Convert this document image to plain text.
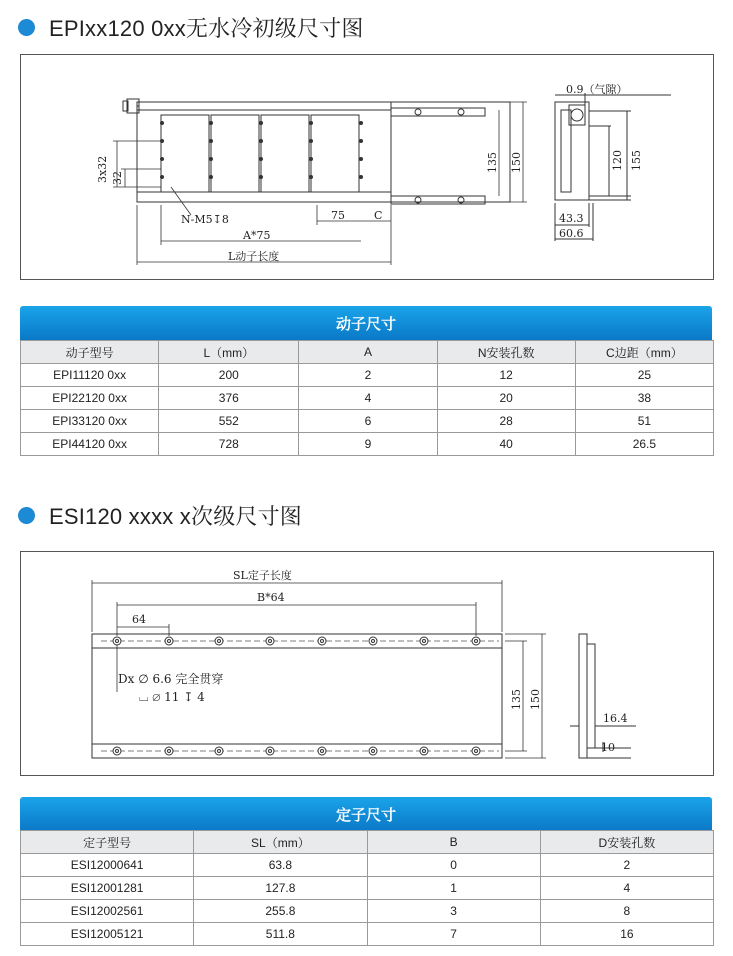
EPIxx120 0xx无水冷初级尺寸图
3x32 32
N-M5↧8	75	C
A*75
L动子长度
135 150
0.9（气隙）
120 155
43.3
60.6
动子尺寸
动子型号	L（mm）	A	N安装孔数	C边距（mm）
EPI11120 0xx	200	2	12	25
EPI22120 0xx	376	4	20	38
EPI33120 0xx	552	6	28	51
EPI44120 0xx	728	9	40	26.5
ESI120 xxxx x次级尺寸图
SL定子长度
B*64
64
Dx ∅ 6.6 完全贯穿
⌴ ∅ 11 ↧ 4	135 150
16.4
10
定子尺寸
定子型号	SL（mm）	B	D安装孔数
ESI12000641	63.8	0	2
ESI12001281	127.8	1	4
ESI12002561	255.8	3	8
ESI12005121	511.8	7	16
